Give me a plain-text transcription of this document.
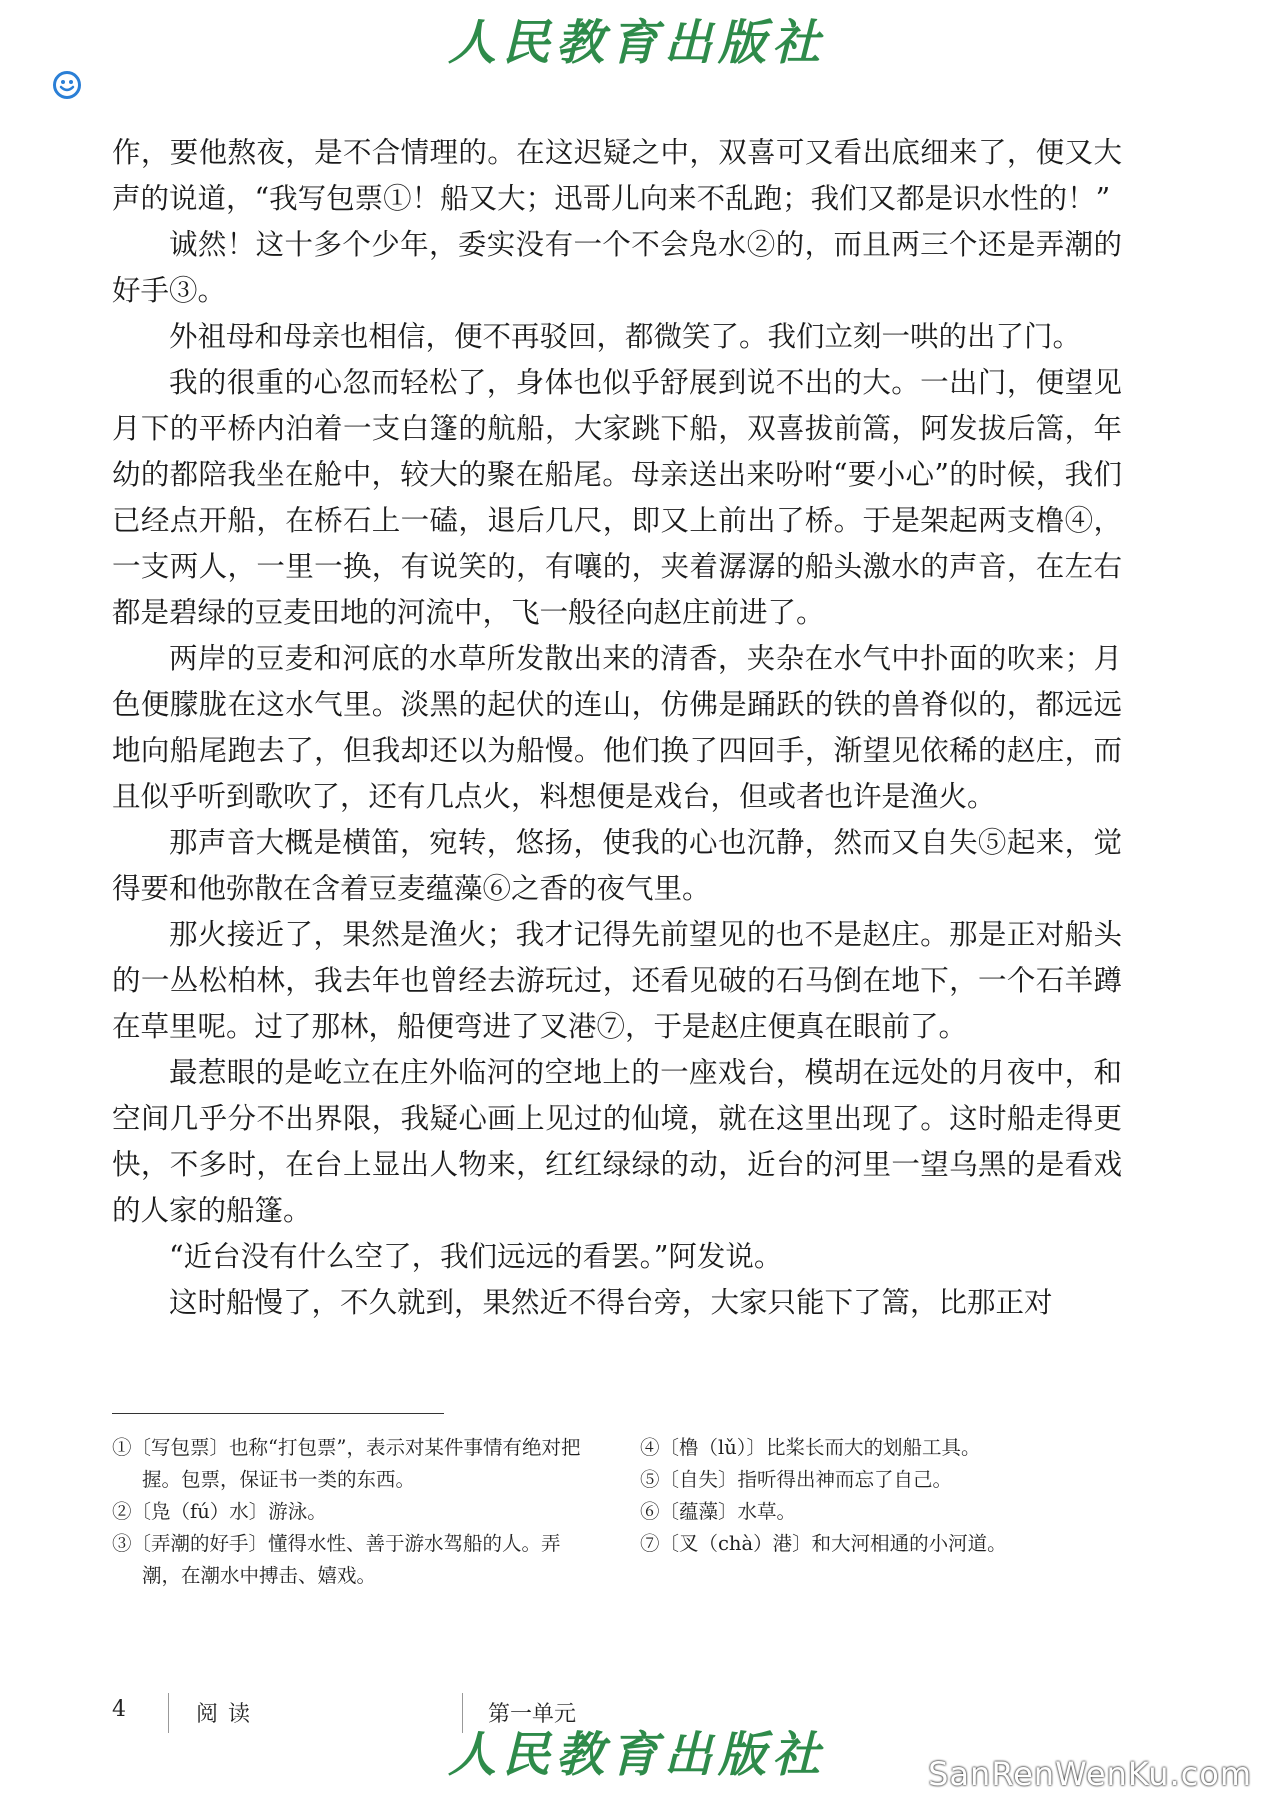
人民教育出版社

作，要他熬夜，是不合情理的。在这迟疑之中，双喜可又看出底细来了，便又大声的说道，“我写包票①！船又大；迅哥儿向来不乱跑；我们又都是识水性的！”

诚然！这十多个少年，委实没有一个不会凫水②的，而且两三个还是弄潮的好手③。

外祖母和母亲也相信，便不再驳回，都微笑了。我们立刻一哄的出了门。

我的很重的心忽而轻松了，身体也似乎舒展到说不出的大。一出门，便望见月下的平桥内泊着一支白篷的航船，大家跳下船，双喜拔前篙，阿发拔后篙，年幼的都陪我坐在舱中，较大的聚在船尾。母亲送出来吩咐“要小心”的时候，我们已经点开船，在桥石上一磕，退后几尺，即又上前出了桥。于是架起两支橹④，一支两人，一里一换，有说笑的，有嚷的，夹着潺潺的船头激水的声音，在左右都是碧绿的豆麦田地的河流中，飞一般径向赵庄前进了。

两岸的豆麦和河底的水草所发散出来的清香，夹杂在水气中扑面的吹来；月色便朦胧在这水气里。淡黑的起伏的连山，仿佛是踊跃的铁的兽脊似的，都远远地向船尾跑去了，但我却还以为船慢。他们换了四回手，渐望见依稀的赵庄，而且似乎听到歌吹了，还有几点火，料想便是戏台，但或者也许是渔火。

那声音大概是横笛，宛转，悠扬，使我的心也沉静，然而又自失⑤起来，觉得要和他弥散在含着豆麦蕴藻⑥之香的夜气里。

那火接近了，果然是渔火；我才记得先前望见的也不是赵庄。那是正对船头的一丛松柏林，我去年也曾经去游玩过，还看见破的石马倒在地下，一个石羊蹲在草里呢。过了那林，船便弯进了叉港⑦，于是赵庄便真在眼前了。

最惹眼的是屹立在庄外临河的空地上的一座戏台，模胡在远处的月夜中，和空间几乎分不出界限，我疑心画上见过的仙境，就在这里出现了。这时船走得更快，不多时，在台上显出人物来，红红绿绿的动，近台的河里一望乌黑的是看戏的人家的船篷。

“近台没有什么空了，我们远远的看罢。”阿发说。

这时船慢了，不久就到，果然近不得台旁，大家只能下了篙，比那正对

①〔写包票〕也称“打包票”，表示对某件事情有绝对把握。包票，保证书一类的东西。

②〔凫（fú）水〕游泳。

③〔弄潮的好手〕懂得水性、善于游水驾船的人。弄潮，在潮水中搏击、嬉戏。

④〔橹（lǔ）〕比桨长而大的划船工具。

⑤〔自失〕指听得出神而忘了自己。

⑥〔蕴藻〕水草。

⑦〔叉（chà）港〕和大河相通的小河道。

4	阅读	第一单元
人民教育出版社	SanRenWenKu.com
